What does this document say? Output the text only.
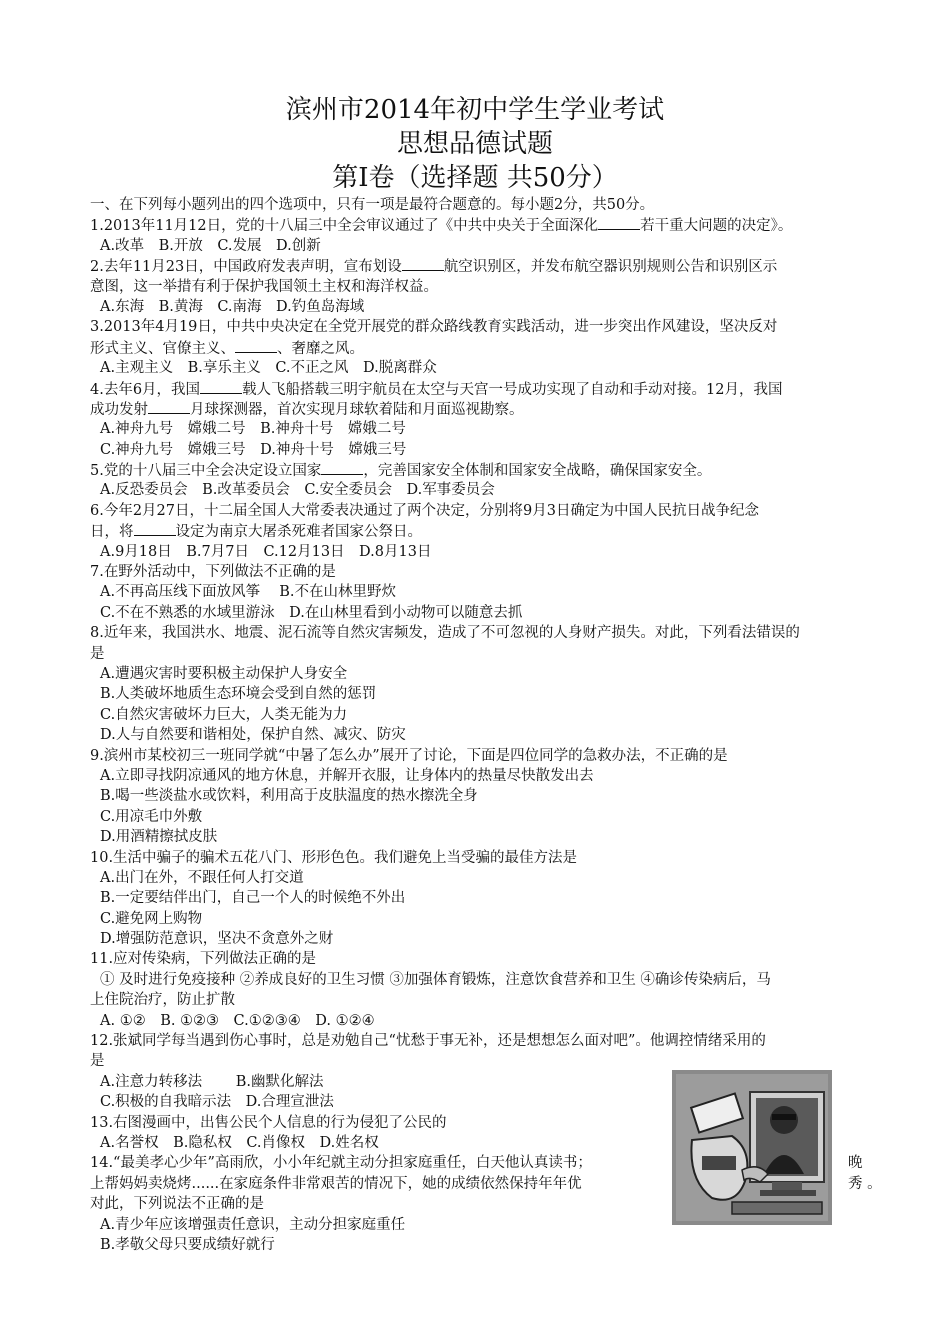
滨州市2014年初中学生学业考试
思想品德试题
第Ⅰ卷（选择题 共50分）
一、在下列每小题列出的四个选项中，只有一项是最符合题意的。每小题2分，共50分。
1.2013年11月12日，党的十八届三中全会审议通过了《中共中央关于全面深化	若干重大问题的决定》。
A.改革　B.开放　C.发展　D.创新
2.去年11月23日，中国政府发表声明，宣布划设	航空识别区，并发布航空器识别规则公告和识别区示
意图，这一举措有利于保护我国领土主权和海洋权益。
A.东海　B.黄海　C.南海　D.钓鱼岛海域
3.2013年4月19日，中共中央决定在全党开展党的群众路线教育实践活动，进一步突出作风建设，坚决反对
形式主义、官僚主义、	、奢靡之风。
A.主观主义　B.享乐主义　C.不正之风　D.脱离群众
4.去年6月，我国	载人飞船搭载三明宇航员在太空与天宫一号成功实现了自动和手动对接。12月，我国
成功发射	月球探测器，首次实现月球软着陆和月面巡视勘察。
A.神舟九号　嫦娥二号　B.神舟十号　嫦娥二号
C.神舟九号　嫦娥三号　D.神舟十号　嫦娥三号
5.党的十八届三中全会决定设立国家	，完善国家安全体制和国家安全战略，确保国家安全。
A.反恐委员会　B.改革委员会　C.安全委员会　D.军事委员会
6.今年2月27日，十二届全国人大常委表决通过了两个决定，分别将9月3日确定为中国人民抗日战争纪念
日，将	设定为南京大屠杀死难者国家公祭日。
A.9月18日　B.7月7日　C.12月13日　D.8月13日
7.在野外活动中，下列做法不正确的是
A.不再高压线下面放风筝　 B.不在山林里野炊
C.不在不熟悉的水域里游泳　D.在山林里看到小动物可以随意去抓
8.近年来，我国洪水、地震、泥石流等自然灾害频发，造成了不可忽视的人身财产损失。对此，下列看法错误的
是
A.遭遇灾害时要积极主动保护人身安全
B.人类破坏地质生态环境会受到自然的惩罚
C.自然灾害破坏力巨大，人类无能为力
D.人与自然要和谐相处，保护自然、减灾、防灾
9.滨州市某校初三一班同学就“中暑了怎么办”展开了讨论，下面是四位同学的急救办法，不正确的是
A.立即寻找阴凉通风的地方休息，并解开衣服，让身体内的热量尽快散发出去
B.喝一些淡盐水或饮料，利用高于皮肤温度的热水擦洗全身
C.用凉毛巾外敷
D.用酒精擦拭皮肤
10.生活中骗子的骗术五花八门、形形色色。我们避免上当受骗的最佳方法是
A.出门在外，不跟任何人打交道
B.一定要结伴出门，自己一个人的时候绝不外出
C.避免网上购物
D.增强防范意识，坚决不贪意外之财
11.应对传染病，下列做法正确的是
① 及时进行免疫接种 ②养成良好的卫生习惯 ③加强体育锻炼，注意饮食营养和卫生 ④确诊传染病后，马
上住院治疗，防止扩散
A. ①②　B. ①②③　C.①②③④　D. ①②④
12.张斌同学每当遇到伤心事时，总是劝勉自己“忧愁于事无补，还是想想怎么面对吧”。他调控情绪采用的
是
A.注意力转移法　　 B.幽默化解法
C.积极的自我暗示法　D.合理宣泄法
13.右图漫画中，出售公民个人信息的行为侵犯了公民的
A.名誉权　B.隐私权　C.肖像权　D.姓名权
14.“最美孝心少年”高雨欣，小小年纪就主动分担家庭重任，白天他认真读书；	晚
上帮妈妈卖烧烤......在家庭条件非常艰苦的情况下，她的成绩依然保持年年优	秀 。
对此，下列说法不正确的是
A.青少年应该增强责任意识，主动分担家庭重任
B.孝敬父母只要成绩好就行
